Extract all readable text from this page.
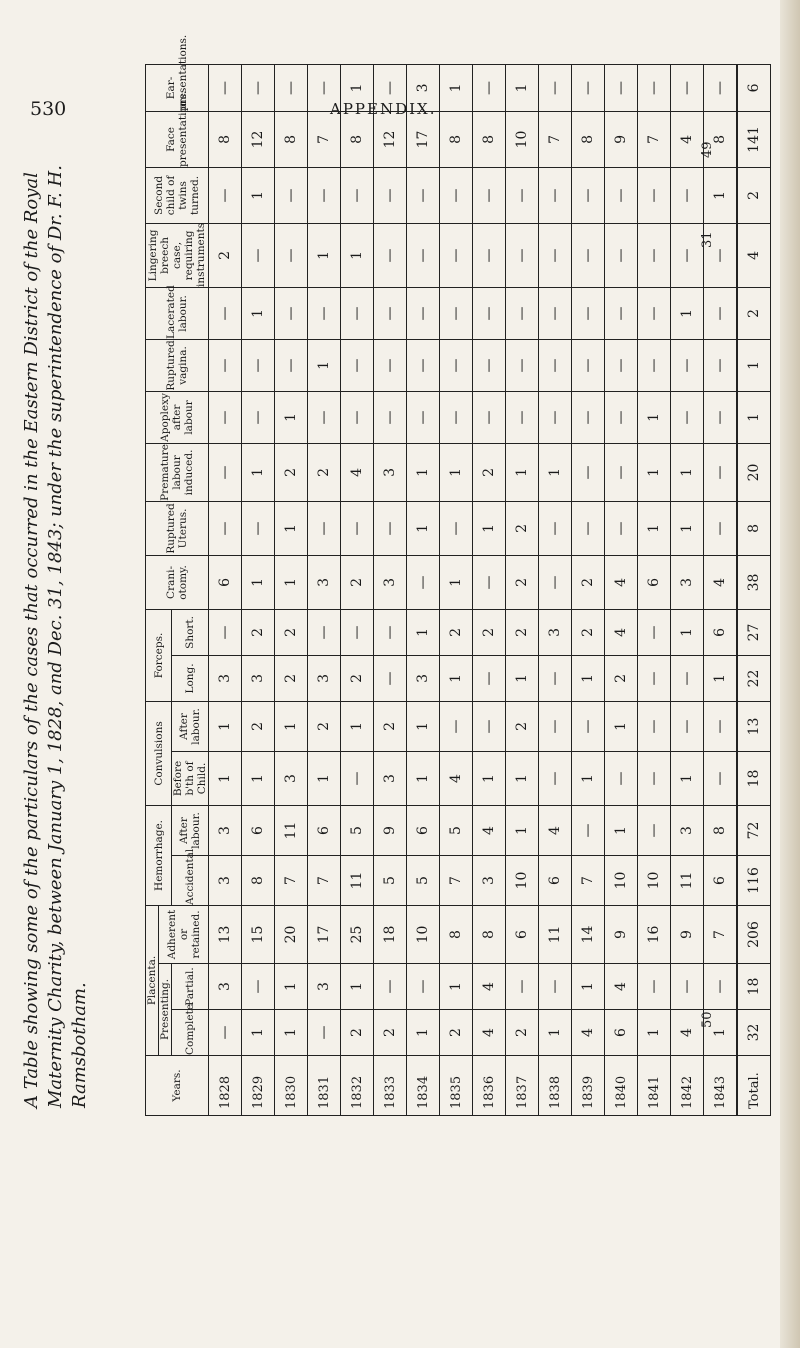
530	APPENDIX.
A Table showing some of the particulars of the cases that occurred in the Eastern District of the Royal Maternity Charity, between January 1, 1828, and Dec. 31, 1843; under the superintendence of Dr. F. H. Ramsbotham.	Years.	Placenta.			Hemorrhage.		Convulsions		Forceps.		Crani-otomy.	Ruptured Uterus.	Premature labour induced.	Apoplexy after labour	Ruptured vagina.	Lacerated labour.	Lingering breech case, requiring instruments	Second child of twins turned.	Face presentations.	Ear-presentations.
	Presenting.		Adherent or retained.																
	Complete	Partial.		Accidental.	After labour.	Before b'th of Child.	After labour.	Long.	Short.										
1828	—	3	13	3	3	1	1	3	—	6	—	—	—	—	—	2	—	8	—
1829	1	—	15	8	6	1	2	3	2	1	—	1	—	—	1	—	1	12	—
1830	1	1	20	7	11	3	1	2	2	1	1	2	1	—	—	—	—	8	—
1831	—	3	17	7	6	1	2	3	—	3	—	2	—	1	—	1	—	7	—
1832	2	1	25	11	5	—	1	2	—	2	—	4	—	—	—	1	—	8	1
1833	2	—	18	5	9	3	2	—	—	3	—	3	—	—	—	—	—	12	—
1834	1	—	10	5	6	1	1	3	1	—	1	1	—	—	—	—	—	17	3
1835	2	1	8	7	5	4	—	1	2	1	—	1	—	—	—	—	—	8	1
1836	4	4	8	3	4	1	—	—	2	—	1	2	—	—	—	—	—	8	—
1837	2	—	6	10	1	1	2	1	2	2	2	1	—	—	—	—	—	10	1
1838	1	—	11	6	4	—	—	—	3	—	—	1	—	—	—	—	—	7	—
1839	4	1	14	7	—	1	—	1	2	2	—	—	—	—	—	—	—	8	—
1840	6	4	9	10	1	—	1	2	4	4	—	—	—	—	—	—	—	9	—
1841	1	—	16	10	—	—	—	—	—	6	1	1	1	—	—	—	—	7	—
1842	4	—	9	11	3	1	—	—	1	3	1	1	—	—	1	—	—	4	—
1843	1	—	7	6	8	—	—	1	6	4	—	—	—	—	—	—	1	8	—
Total.	32	18	206	116	72	18	13	22	27	38	8	20	1	1	2	4	2	141	6
49
31
50
